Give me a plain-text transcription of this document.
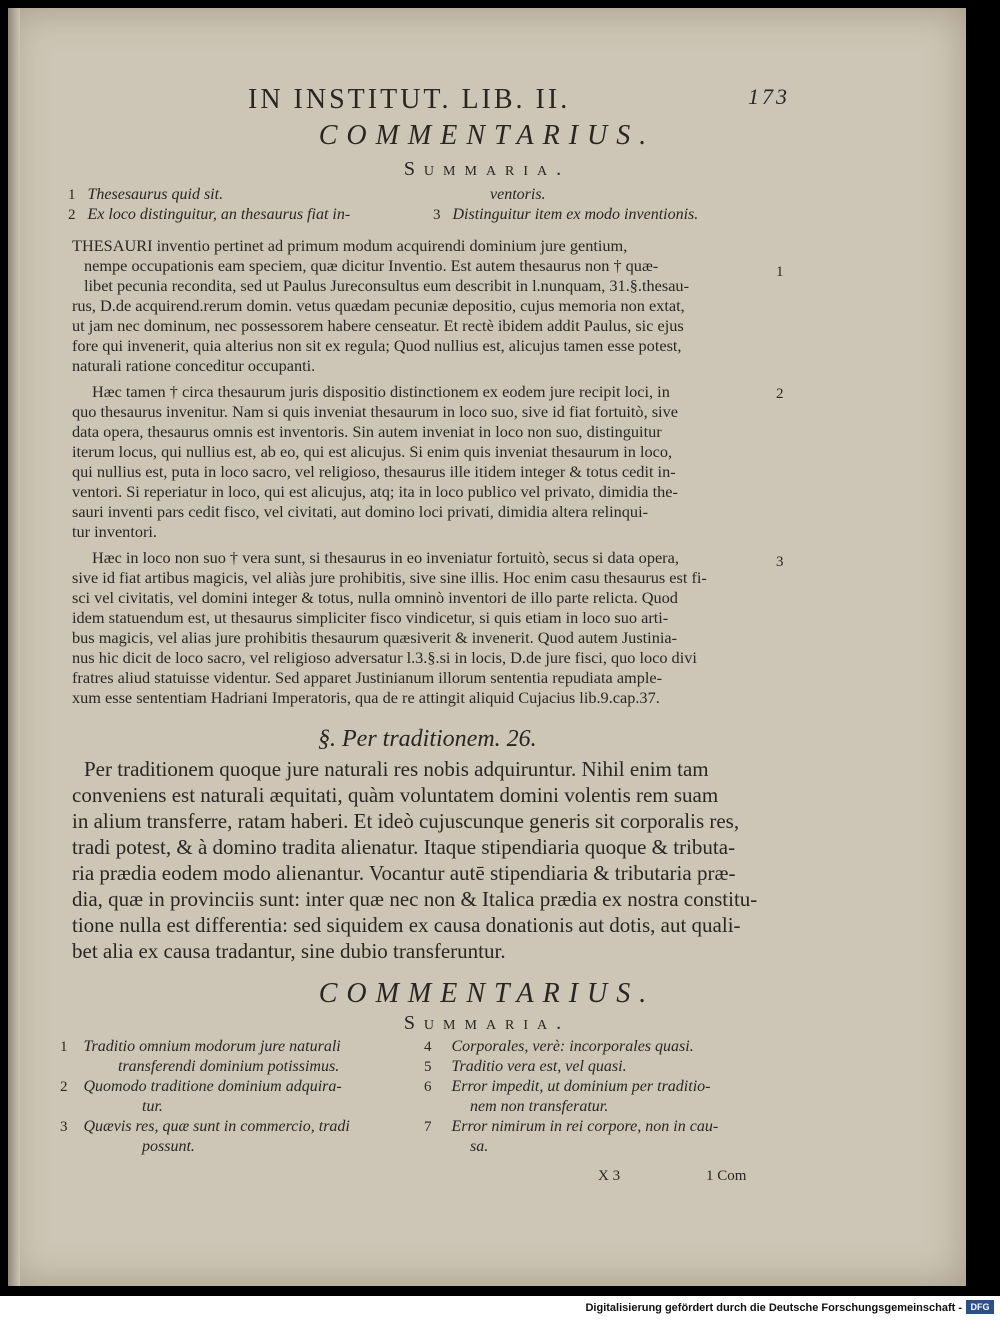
IN INSTITUT. LIB. II.	173
COMMENTARIUS.
Summaria.
1 Thesesaurus quid sit.
2 Ex loco distinguitur, an thesaurus fiat in-
ventoris.
3 Distinguitur item ex modo inventionis.
THESAURI inventio pertinet ad primum modum acquirendi dominium jure gentium,
nempe occupationis eam speciem, quæ dicitur Inventio. Est autem thesaurus non † quæ-
libet pecunia recondita, sed ut Paulus Jureconsultus eum describit in l.nunquam, 31.§.thesau-
rus, D.de acquirend.rerum domin. vetus quædam pecuniæ depositio, cujus memoria non extat,
ut jam nec dominum, nec possessorem habere censeatur. Et rectè ibidem addit Paulus, sic ejus
fore qui invenerit, quia alterius non sit ex regula; Quod nullius est, alicujus tamen esse potest,
naturali ratione conceditur occupanti.
Hæc tamen † circa thesaurum juris dispositio distinctionem ex eodem jure recipit loci, in
quo thesaurus invenitur. Nam si quis inveniat thesaurum in loco suo, sive id fiat fortuitò, sive
data opera, thesaurus omnis est inventoris. Sin autem inveniat in loco non suo, distinguitur
iterum locus, qui nullius est, ab eo, qui est alicujus. Si enim quis inveniat thesaurum in loco,
qui nullius est, puta in loco sacro, vel religioso, thesaurus ille itidem integer & totus cedit in-
ventori. Si reperiatur in loco, qui est alicujus, atq; ita in loco publico vel privato, dimidia the-
sauri inventi pars cedit fisco, vel civitati, aut domino loci privati, dimidia altera relinqui-
tur inventori.
Hæc in loco non suo † vera sunt, si thesaurus in eo inveniatur fortuitò, secus si data opera,
sive id fiat artibus magicis, vel aliàs jure prohibitis, sive sine illis. Hoc enim casu thesaurus est fi-
sci vel civitatis, vel domini integer & totus, nulla omninò inventori de illo parte relicta. Quod
idem statuendum est, ut thesaurus simpliciter fisco vindicetur, si quis etiam in loco suo arti-
bus magicis, vel alias jure prohibitis thesaurum quæsiverit & invenerit. Quod autem Justinia-
nus hic dicit de loco sacro, vel religioso adversatur l.3.§.si in locis, D.de jure fisci, quo loco divi
fratres aliud statuisse videntur. Sed apparet Justinianum illorum sententia repudiata ample-
xum esse sententiam Hadriani Imperatoris, qua de re attingit aliquid Cujacius lib.9.cap.37.
1
2
3
§. Per traditionem. 26.
Per traditionem quoque jure naturali res nobis adquiruntur. Nihil enim tam
conveniens est naturali æquitati, quàm voluntatem domini volentis rem suam
in alium transferre, ratam haberi. Et ideò cujuscunque generis sit corporalis res,
tradi potest, & à domino tradita alienatur. Itaque stipendiaria quoque & tributa-
ria prædia eodem modo alienantur. Vocantur autē stipendiaria & tributaria præ-
dia, quæ in provinciis sunt: inter quæ nec non & Italica prædia ex nostra constitu-
tione nulla est differentia: sed siquidem ex causa donationis aut dotis, aut quali-
bet alia ex causa tradantur, sine dubio transferuntur.
COMMENTARIUS.
Summaria.
1 Traditio omnium modorum jure naturali
transferendi dominium potissimus.
2 Quomodo traditione dominium adquira-
tur.
3 Quævis res, quæ sunt in commercio, tradi
possunt.
4 Corporales, verè: incorporales quasi.
5 Traditio vera est, vel quasi.
6 Error impedit, ut dominium per traditio-
nem non transferatur.
7 Error nimirum in rei corpore, non in cau-
sa.
X 3	1 Com
Digitalisierung gefördert durch die Deutsche Forschungsgemeinschaft - DFG
